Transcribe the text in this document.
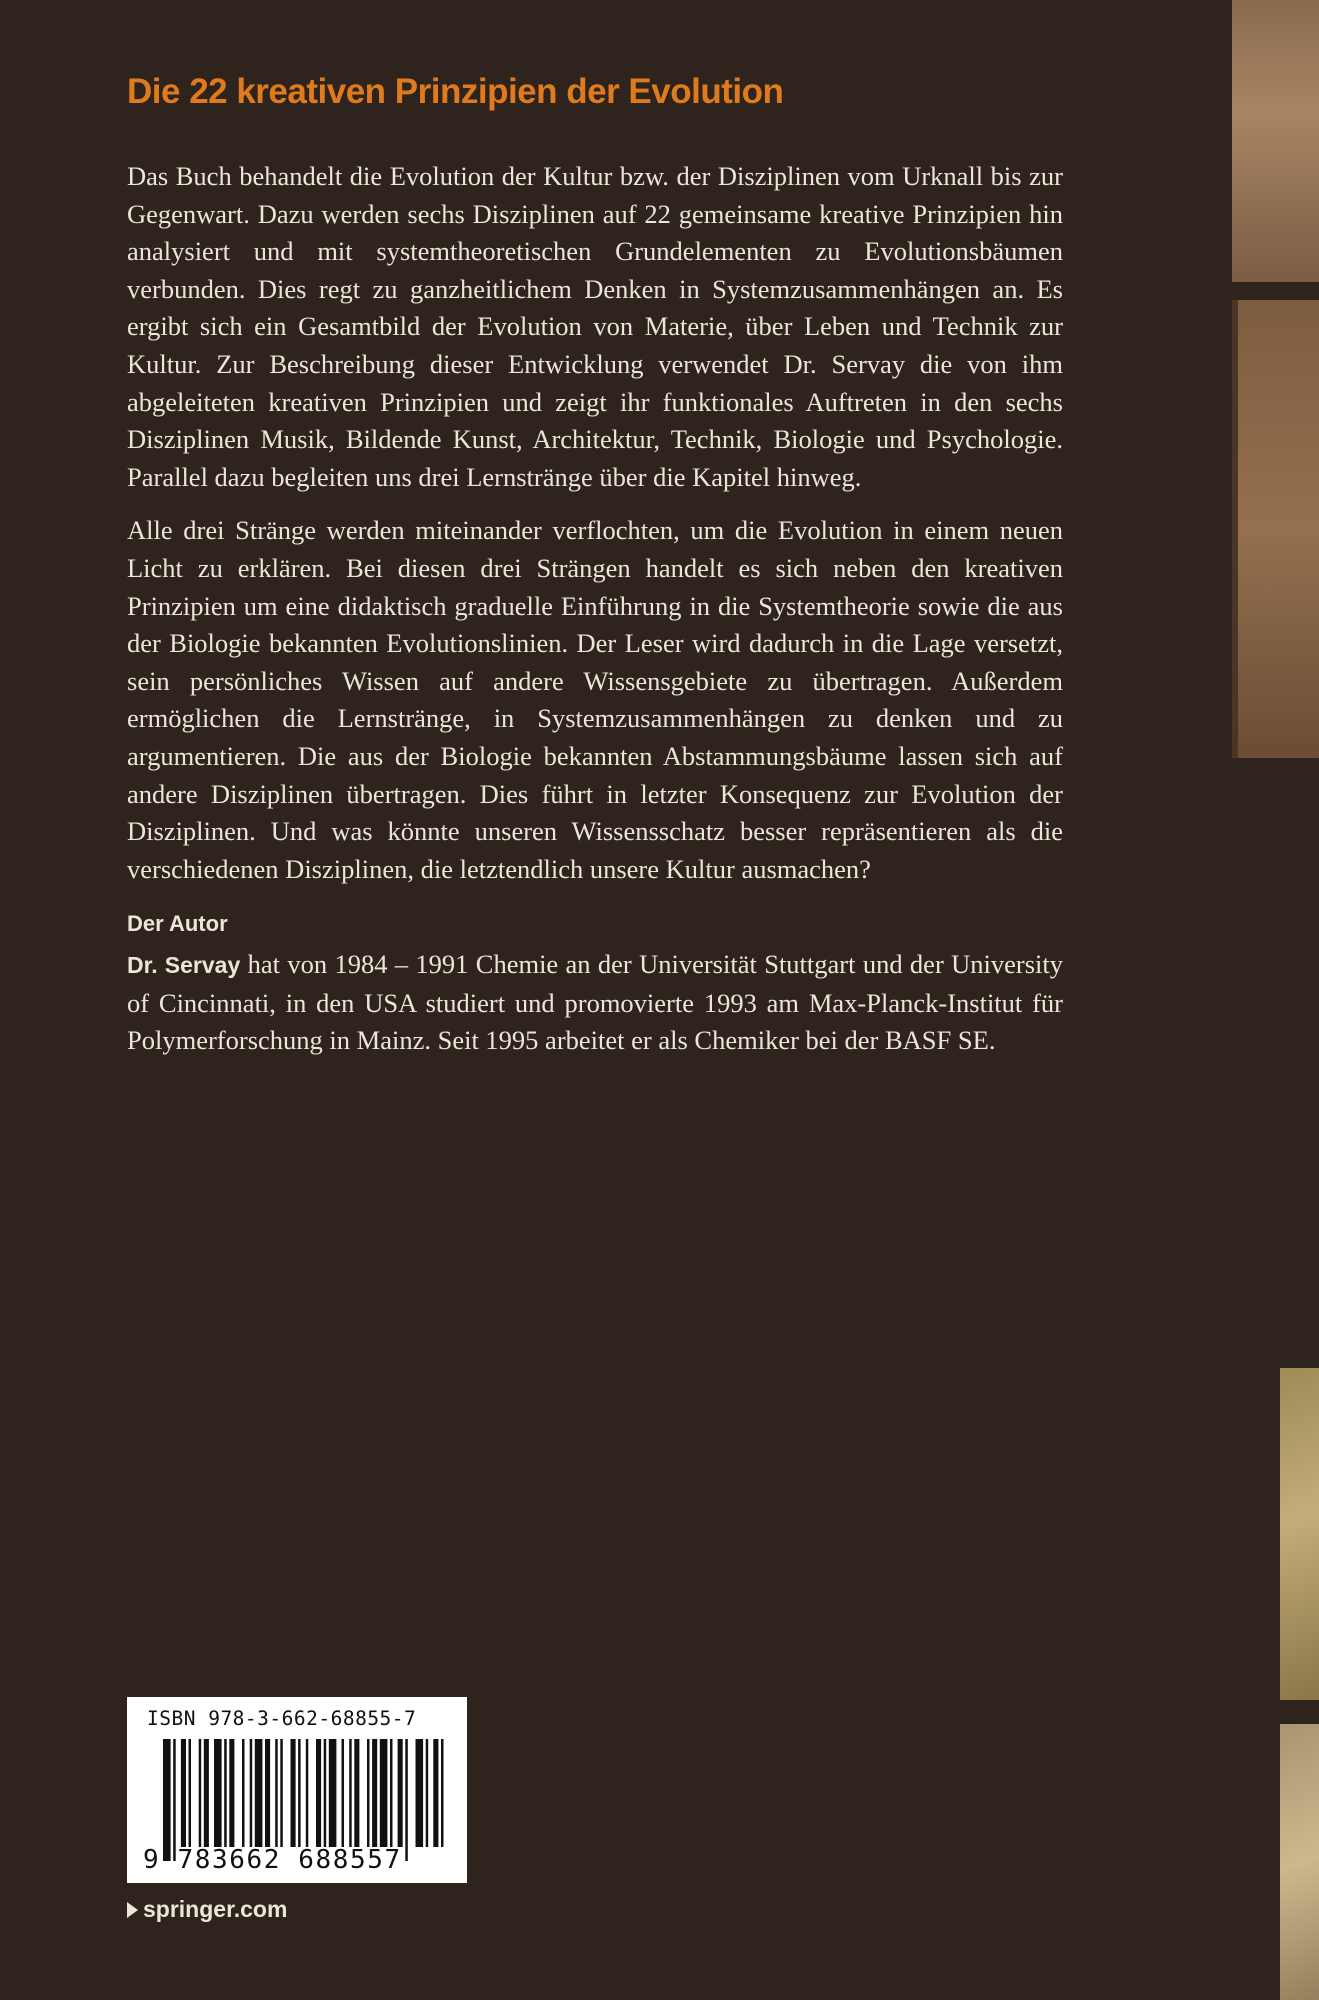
Die 22 kreativen Prinzipien der Evolution

Das Buch behandelt die Evolution der Kultur bzw. der Disziplinen vom Urknall bis zur Gegenwart. Dazu werden sechs Disziplinen auf 22 gemeinsame kreative Prinzipien hin analysiert und mit systemtheoretischen Grundelementen zu Evolutionsbäumen verbunden. Dies regt zu ganzheitlichem Denken in Systemzusammenhängen an. Es ergibt sich ein Gesamtbild der Evolution von Materie, über Leben und Technik zur Kultur. Zur Beschreibung dieser Entwicklung verwendet Dr. Servay die von ihm abgeleiteten kreativen Prinzipien und zeigt ihr funktionales Auftreten in den sechs Disziplinen Musik, Bildende Kunst, Architektur, Technik, Biologie und Psychologie. Parallel dazu begleiten uns drei Lernstränge über die Kapitel hinweg.

Alle drei Stränge werden miteinander verflochten, um die Evolution in einem neuen Licht zu erklären. Bei diesen drei Strängen handelt es sich neben den kreativen Prinzipien um eine didaktisch graduelle Einführung in die Systemtheorie sowie die aus der Biologie bekannten Evolutionslinien. Der Leser wird dadurch in die Lage versetzt, sein persönliches Wissen auf andere Wissensgebiete zu übertragen. Außerdem ermöglichen die Lernstränge, in Systemzusammenhängen zu denken und zu argumentieren. Die aus der Biologie bekannten Abstammungsbäume lassen sich auf andere Disziplinen übertragen. Dies führt in letzter Konsequenz zur Evolution der Disziplinen. Und was könnte unseren Wissensschatz besser repräsentieren als die verschiedenen Disziplinen, die letztendlich unsere Kultur ausmachen?

Der Autor

Dr. Servay hat von 1984 – 1991 Chemie an der Universität Stuttgart und der University of Cincinnati, in den USA studiert und promovierte 1993 am Max-Planck-Institut für Polymerforschung in Mainz. Seit 1995 arbeitet er als Chemiker bei der BASF SE.

ISBN 978-3-662-68855-7
9 783662 688557
springer.com
